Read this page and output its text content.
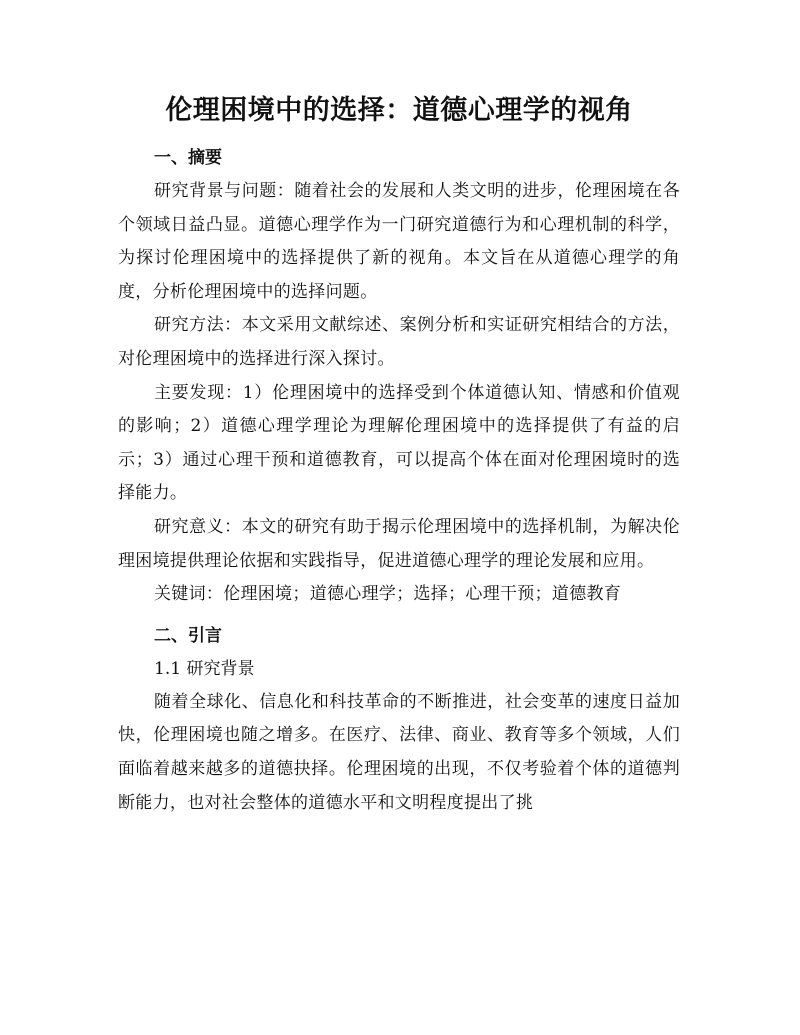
伦理困境中的选择：道德心理学的视角
一、摘要

研究背景与问题：随着社会的发展和人类文明的进步，伦理困境在各个领域日益凸显。道德心理学作为一门研究道德行为和心理机制的科学，为探讨伦理困境中的选择提供了新的视角。本文旨在从道德心理学的角度，分析伦理困境中的选择问题。

研究方法：本文采用文献综述、案例分析和实证研究相结合的方法，对伦理困境中的选择进行深入探讨。

主要发现：1）伦理困境中的选择受到个体道德认知、情感和价值观的影响；2）道德心理学理论为理解伦理困境中的选择提供了有益的启示；3）通过心理干预和道德教育，可以提高个体在面对伦理困境时的选择能力。

研究意义：本文的研究有助于揭示伦理困境中的选择机制，为解决伦理困境提供理论依据和实践指导，促进道德心理学的理论发展和应用。

关键词：伦理困境；道德心理学；选择；心理干预；道德教育

二、引言
1.1 研究背景

随着全球化、信息化和科技革命的不断推进，社会变革的速度日益加快，伦理困境也随之增多。在医疗、法律、商业、教育等多个领域，人们面临着越来越多的道德抉择。伦理困境的出现，不仅考验着个体的道德判断能力，也对社会整体的道德水平和文明程度提出了挑
